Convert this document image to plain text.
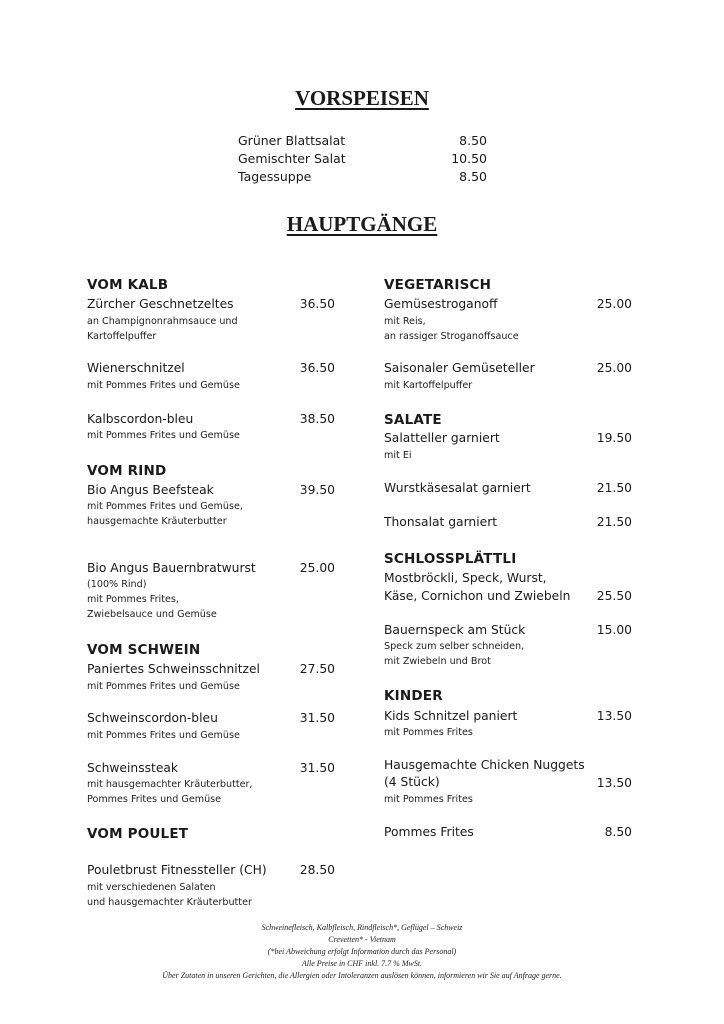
VORSPEISEN
Grüner Blattsalat	8.50
Gemischter Salat	10.50
Tagessuppe	8.50
HAUPTGÄNGE
VOM KALB
Zürcher Geschnetzeltes	36.50
an Champignonrahmsauce und
Kartoffelpuffer
Wienerschnitzel	36.50
mit Pommes Frites und Gemüse
Kalbscordon-bleu	38.50
mit Pommes Frites und Gemüse
VOM RIND
Bio Angus Beefsteak	39.50
mit Pommes Frites und Gemüse,
hausgemachte Kräuterbutter
Bio Angus Bauernbratwurst	25.00
(100% Rind)
mit Pommes Frites,
Zwiebelsauce und Gemüse
VOM SCHWEIN
Paniertes Schweinsschnitzel	27.50
mit Pommes Frites und Gemüse
Schweinscordon-bleu	31.50
mit Pommes Frites und Gemüse
Schweinssteak	31.50
mit hausgemachter Kräuterbutter,
Pommes Frites und Gemüse
VOM POULET
Pouletbrust Fitnessteller (CH)	28.50
mit verschiedenen Salaten
und hausgemachter Kräuterbutter
VEGETARISCH
Gemüsestroganoff	25.00
mit Reis,
an rassiger Stroganoffsauce
Saisonaler Gemüseteller	25.00
mit Kartoffelpuffer
SALATE
Salatteller garniert	19.50
mit Ei
Wurstkäsesalat garniert	21.50
Thonsalat garniert	21.50
SCHLOSSPLÄTTLI
Mostbröckli, Speck, Wurst,
Käse, Cornichon und Zwiebeln	25.50
Bauernspeck am Stück	15.00
Speck zum selber schneiden,
mit Zwiebeln und Brot
KINDER
Kids Schnitzel paniert	13.50
mit Pommes Frites
Hausgemachte Chicken Nuggets
(4 Stück)	13.50
mit Pommes Frites
Pommes Frites	8.50
Schweinefleisch, Kalbfleisch, Rindfleisch*, Geflügel – Schweiz
Crevetten* - Vietnam
(*bei Abweichung erfolgt Information durch das Personal)
Alle Preise in CHF inkl. 7.7 % MwSt.
Über Zutaten in unseren Gerichten, die Allergien oder Intoleranzen auslösen können, informieren wir Sie auf Anfrage gerne.
